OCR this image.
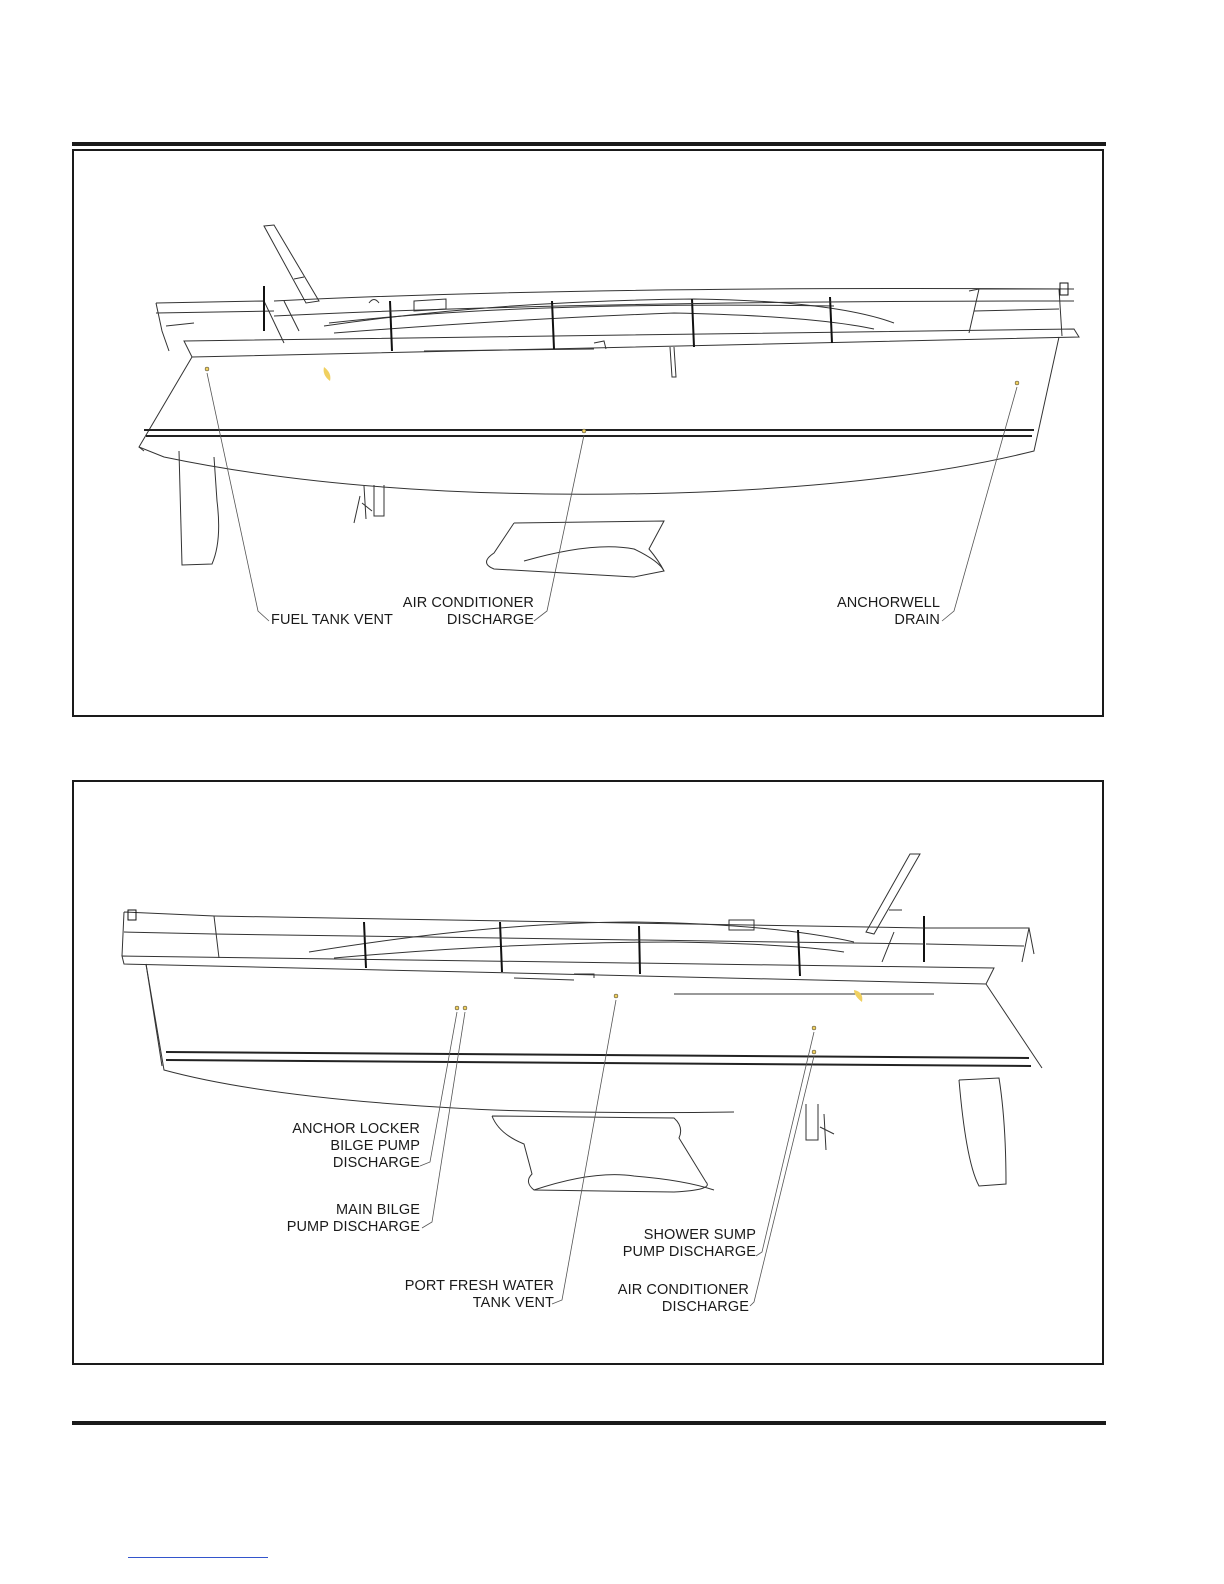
FUEL TANK VENT
AIR CONDITIONER
DISCHARGE
ANCHORWELL
DRAIN
ANCHOR LOCKER
BILGE PUMP
DISCHARGE
MAIN BILGE
PUMP DISCHARGE
PORT FRESH WATER
TANK VENT
SHOWER SUMP
PUMP DISCHARGE
AIR CONDITIONER
DISCHARGE
